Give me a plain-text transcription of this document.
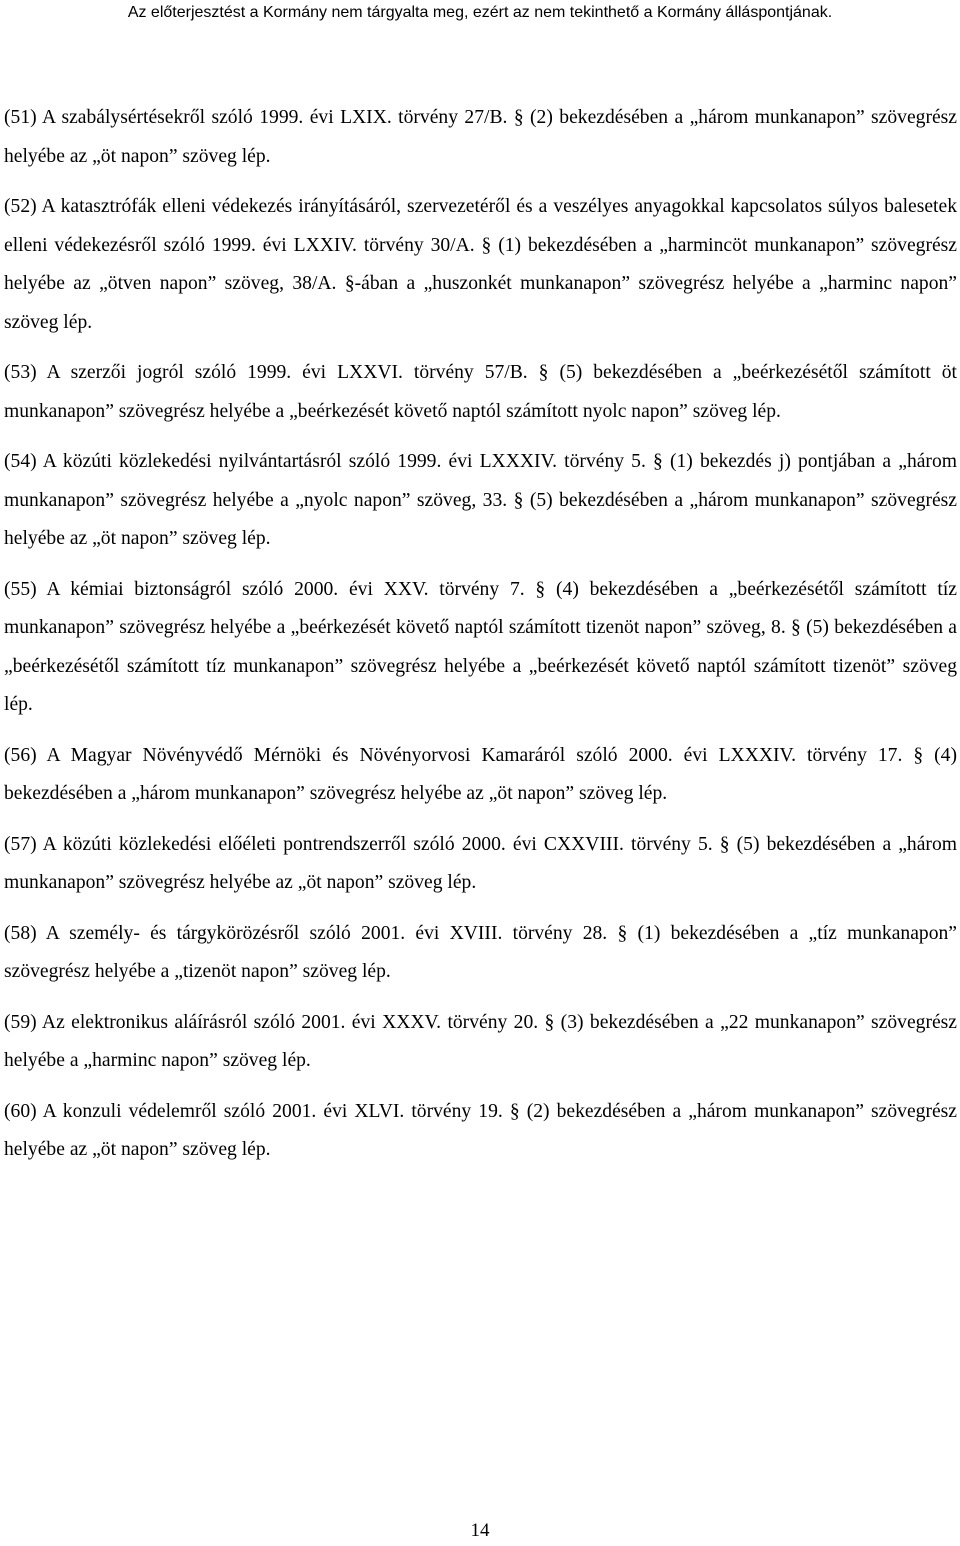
Az előterjesztést a Kormány nem tárgyalta meg, ezért az nem tekinthető a Kormány álláspontjának.

(51) A szabálysértésekről szóló 1999. évi LXIX. törvény 27/B. § (2) bekezdésében a „három munkanapon” szövegrész helyébe az „öt napon” szöveg lép.

(52) A katasztrófák elleni védekezés irányításáról, szervezetéről és a veszélyes anyagokkal kapcsolatos súlyos balesetek elleni védekezésről szóló 1999. évi LXXIV. törvény 30/A. § (1) bekezdésében a „harmincöt munkanapon” szövegrész helyébe az „ötven napon” szöveg, 38/A. §-ában a „huszonkét munkanapon” szövegrész helyébe a „harminc napon” szöveg lép.

(53) A szerzői jogról szóló 1999. évi LXXVI. törvény 57/B. § (5) bekezdésében a „beérkezésétől számított öt munkanapon” szövegrész helyébe a „beérkezését követő naptól számított nyolc napon” szöveg lép.

(54) A közúti közlekedési nyilvántartásról szóló 1999. évi LXXXIV. törvény 5. § (1) bekezdés j) pontjában a „három munkanapon” szövegrész helyébe a „nyolc napon” szöveg, 33. § (5) bekezdésében a „három munkanapon” szövegrész helyébe az „öt napon” szöveg lép.

(55) A kémiai biztonságról szóló 2000. évi XXV. törvény 7. § (4) bekezdésében a „beérkezésétől számított tíz munkanapon” szövegrész helyébe a „beérkezését követő naptól számított tizenöt napon” szöveg, 8. § (5) bekezdésében a „beérkezésétől számított tíz munkanapon” szövegrész helyébe a „beérkezését követő naptól számított tizenöt” szöveg lép.

(56) A Magyar Növényvédő Mérnöki és Növényorvosi Kamaráról szóló 2000. évi LXXXIV. törvény 17. § (4) bekezdésében a „három munkanapon” szövegrész helyébe az „öt napon” szöveg lép.

(57) A közúti közlekedési előéleti pontrendszerről szóló 2000. évi CXXVIII. törvény 5. § (5) bekezdésében a „három munkanapon” szövegrész helyébe az „öt napon” szöveg lép.

(58) A személy- és tárgykörözésről szóló 2001. évi XVIII. törvény 28. § (1) bekezdésében a „tíz munkanapon” szövegrész helyébe a „tizenöt napon” szöveg lép.

(59) Az elektronikus aláírásról szóló 2001. évi XXXV. törvény 20. § (3) bekezdésében a „22 munkanapon” szövegrész helyébe a „harminc napon” szöveg lép.

(60) A konzuli védelemről szóló 2001. évi XLVI. törvény 19. § (2) bekezdésében a „három munkanapon” szövegrész helyébe az „öt napon” szöveg lép.

14
